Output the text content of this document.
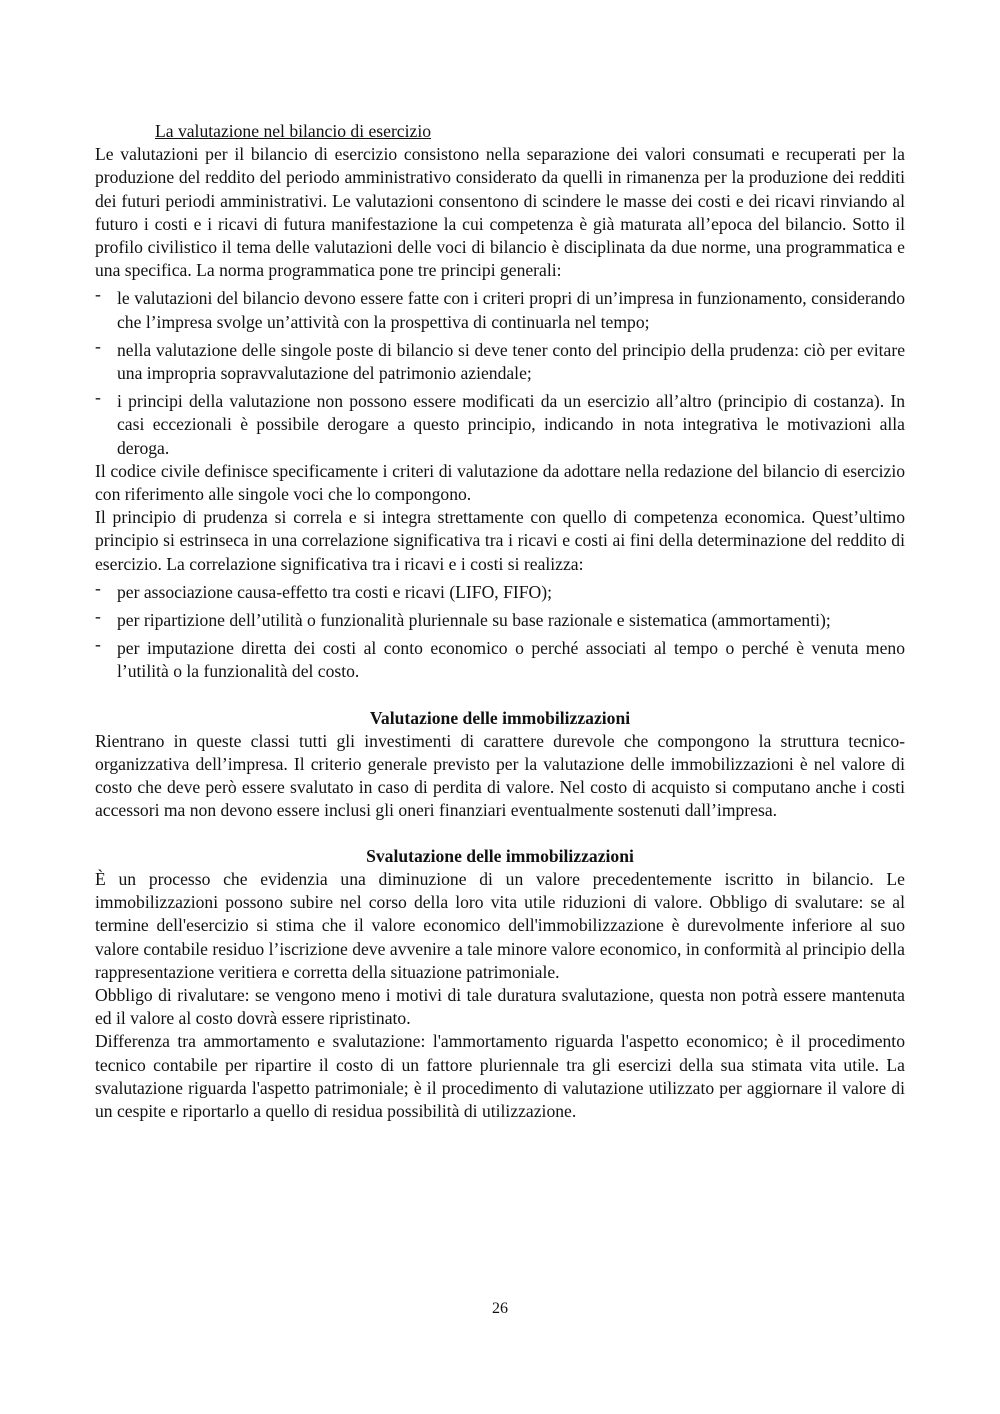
La valutazione nel bilancio di esercizio

Le valutazioni per il bilancio di esercizio consistono nella separazione dei valori consumati e recuperati per la produzione del reddito del periodo amministrativo considerato da quelli in rimanenza per la produzione dei redditi dei futuri periodi amministrativi. Le valutazioni consentono di scindere le masse dei costi e dei ricavi rinviando al futuro i costi e i ricavi di futura manifestazione la cui competenza è già maturata all’epoca del bilancio. Sotto il profilo civilistico il tema delle valutazioni delle voci di bilancio è disciplinata da due norme, una programmatica e una specifica. La norma programmatica pone tre principi generali:

- le valutazioni del bilancio devono essere fatte con i criteri propri di un’impresa in funzionamento, considerando che l’impresa svolge un’attività con la prospettiva di continuarla nel tempo;
- nella valutazione delle singole poste di bilancio si deve tener conto del principio della prudenza: ciò per evitare una impropria sopravvalutazione del patrimonio aziendale;
- i principi della valutazione non possono essere modificati da un esercizio all’altro (principio di costanza). In casi eccezionali è possibile derogare a questo principio, indicando in nota integrativa le motivazioni alla deroga.

Il codice civile definisce specificamente i criteri di valutazione da adottare nella redazione del bilancio di esercizio con riferimento alle singole voci che lo compongono.

Il principio di prudenza si correla e si integra strettamente con quello di competenza economica. Quest’ultimo principio si estrinseca in una correlazione significativa tra i ricavi e costi ai fini della determinazione del reddito di esercizio. La correlazione significativa tra i ricavi e i costi si realizza:

- per associazione causa-effetto tra costi e ricavi (LIFO, FIFO);
- per ripartizione dell’utilità o funzionalità pluriennale su base razionale e sistematica (ammortamenti);
- per imputazione diretta dei costi al conto economico o perché associati al tempo o perché è venuta meno l’utilità o la funzionalità del costo.

Valutazione delle immobilizzazioni

Rientrano in queste classi tutti gli investimenti di carattere durevole che compongono la struttura tecnico-organizzativa dell’impresa. Il criterio generale previsto per la valutazione delle immobilizzazioni è nel valore di costo che deve però essere svalutato in caso di perdita di valore. Nel costo di acquisto si computano anche i costi accessori ma non devono essere inclusi gli oneri finanziari eventualmente sostenuti dall’impresa.

Svalutazione delle immobilizzazioni

È un processo che evidenzia una diminuzione di un valore precedentemente iscritto in bilancio. Le immobilizzazioni possono subire nel corso della loro vita utile riduzioni di valore. Obbligo di svalutare: se al termine dell'esercizio si stima che il valore economico dell'immobilizzazione è durevolmente inferiore al suo valore contabile residuo l’iscrizione deve avvenire a tale minore valore economico, in conformità al principio della rappresentazione veritiera e corretta della situazione patrimoniale.

Obbligo di rivalutare: se vengono meno i motivi di tale duratura svalutazione, questa non potrà essere mantenuta ed il valore al costo dovrà essere ripristinato.

Differenza tra ammortamento e svalutazione: l'ammortamento riguarda l'aspetto economico; è il procedimento tecnico contabile per ripartire il costo di un fattore pluriennale tra gli esercizi della sua stimata vita utile. La svalutazione riguarda l'aspetto patrimoniale; è il procedimento di valutazione utilizzato per aggiornare il valore di un cespite e riportarlo a quello di residua possibilità di utilizzazione.

26
